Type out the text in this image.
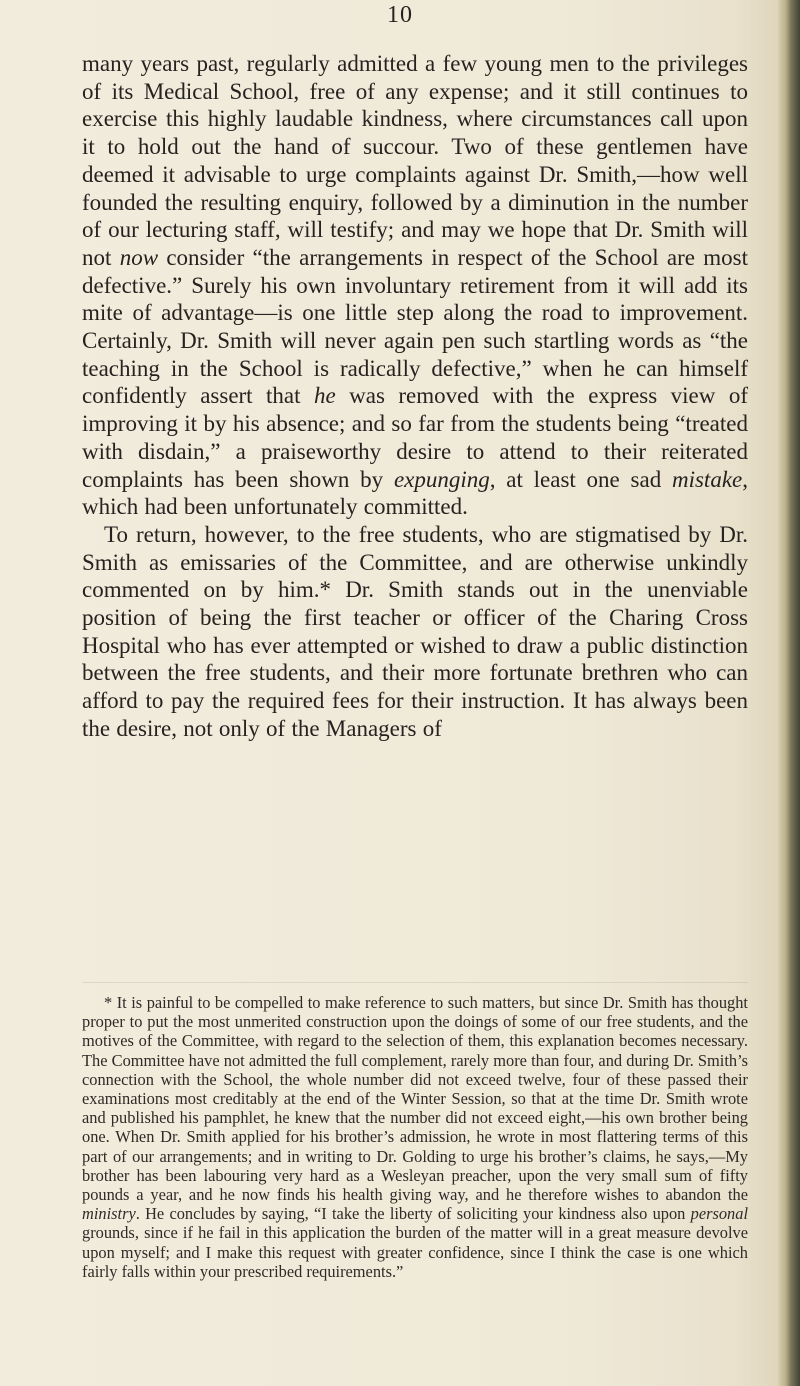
10

many years past, regularly admitted a few young men to the privileges of its Medical School, free of any expense; and it still continues to exercise this highly laudable kindness, where circumstances call upon it to hold out the hand of succour. Two of these gentlemen have deemed it advisable to urge complaints against Dr. Smith,—how well founded the resulting enquiry, followed by a diminution in the number of our lecturing staff, will testify; and may we hope that Dr. Smith will not now consider “the arrangements in respect of the School are most defective.” Surely his own involuntary retirement from it will add its mite of advantage—is one little step along the road to improvement. Certainly, Dr. Smith will never again pen such startling words as “the teaching in the School is radically defective,” when he can himself confidently assert that he was removed with the express view of improving it by his absence; and so far from the students being “treated with disdain,” a praiseworthy desire to attend to their reiterated complaints has been shown by expunging, at least one sad mistake, which had been unfortunately committed.

To return, however, to the free students, who are stigmatised by Dr. Smith as emissaries of the Committee, and are otherwise unkindly commented on by him.* Dr. Smith stands out in the unenviable position of being the first teacher or officer of the Charing Cross Hospital who has ever attempted or wished to draw a public distinction between the free students, and their more fortunate brethren who can afford to pay the required fees for their instruction. It has always been the desire, not only of the Managers of

* It is painful to be compelled to make reference to such matters, but since Dr. Smith has thought proper to put the most unmerited construction upon the doings of some of our free students, and the motives of the Committee, with regard to the selection of them, this explanation becomes necessary. The Committee have not admitted the full complement, rarely more than four, and during Dr. Smith’s connection with the School, the whole number did not exceed twelve, four of these passed their examinations most creditably at the end of the Winter Session, so that at the time Dr. Smith wrote and published his pamphlet, he knew that the number did not exceed eight,—his own brother being one. When Dr. Smith applied for his brother’s admission, he wrote in most flattering terms of this part of our arrangements; and in writing to Dr. Golding to urge his brother’s claims, he says,—My brother has been labouring very hard as a Wesleyan preacher, upon the very small sum of fifty pounds a year, and he now finds his health giving way, and he therefore wishes to abandon the ministry. He concludes by saying, “I take the liberty of soliciting your kindness also upon personal grounds, since if he fail in this application the burden of the matter will in a great measure devolve upon myself; and I make this request with greater confidence, since I think the case is one which fairly falls within your prescribed requirements.”
